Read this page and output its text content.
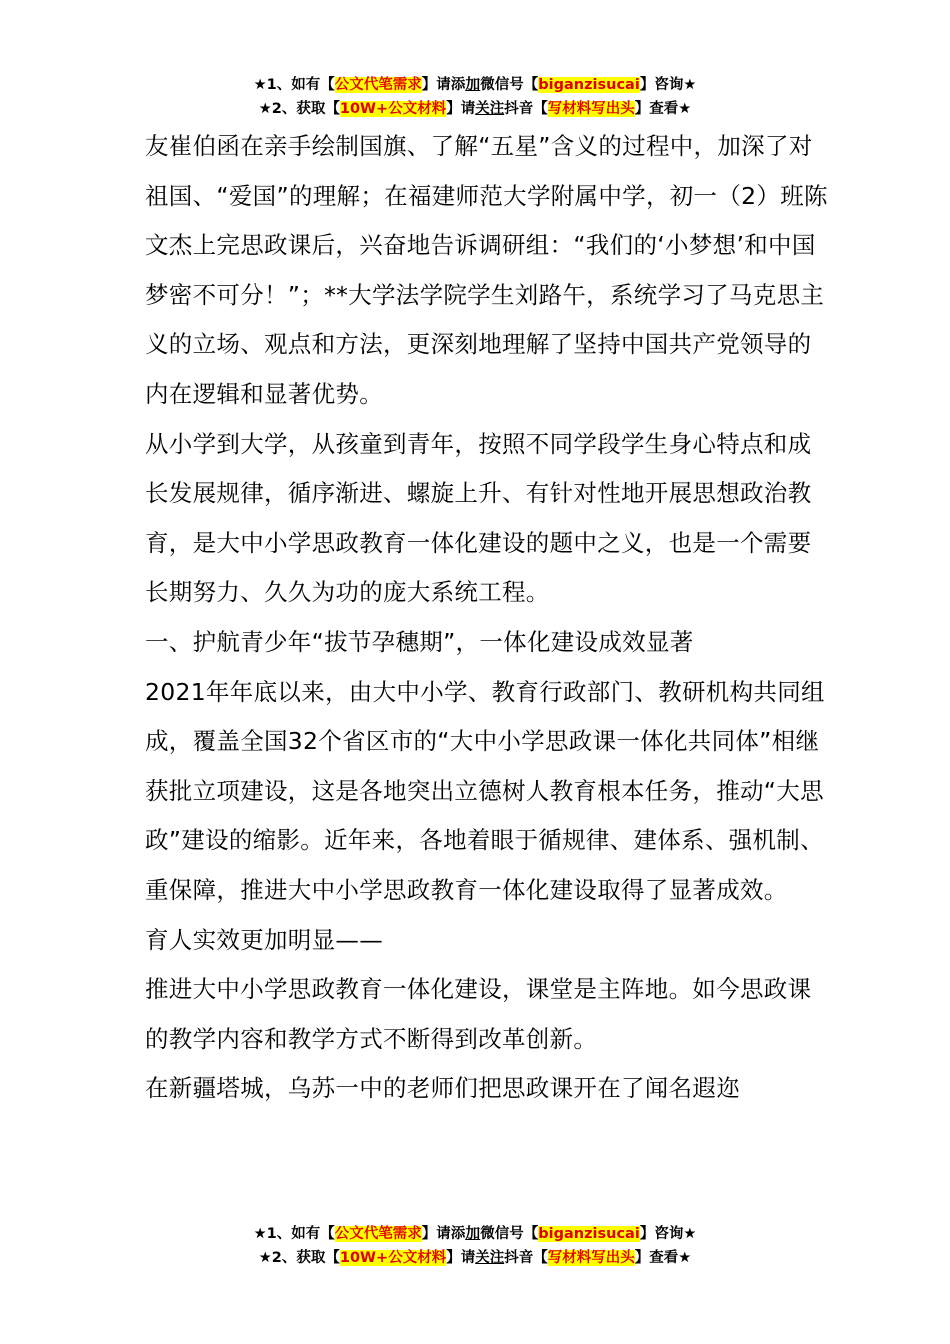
★1、如有【公文代笔需求】请添加微信号【biganzisucai】咨询★
★2、获取【10W+公文材料】请关注抖音【写材料写出头】查看★

友崔伯函在亲手绘制国旗、了解“五星”含义的过程中，加深了对祖国、“爱国”的理解；在福建师范大学附属中学，初一（2）班陈文杰上完思政课后，兴奋地告诉调研组：“我们的‘小梦想’和中国梦密不可分！”；**大学法学院学生刘路午，系统学习了马克思主义的立场、观点和方法，更深刻地理解了坚持中国共产党领导的内在逻辑和显著优势。

从小学到大学，从孩童到青年，按照不同学段学生身心特点和成长发展规律，循序渐进、螺旋上升、有针对性地开展思想政治教育，是大中小学思政教育一体化建设的题中之义，也是一个需要长期努力、久久为功的庞大系统工程。

一、护航青少年“拔节孕穗期”，一体化建设成效显著

2021年年底以来，由大中小学、教育行政部门、教研机构共同组成，覆盖全国32个省区市的“大中小学思政课一体化共同体”相继获批立项建设，这是各地突出立德树人教育根本任务，推动“大思政”建设的缩影。近年来，各地着眼于循规律、建体系、强机制、重保障，推进大中小学思政教育一体化建设取得了显著成效。

育人实效更加明显——

推进大中小学思政教育一体化建设，课堂是主阵地。如今思政课的教学内容和教学方式不断得到改革创新。

在新疆塔城，乌苏一中的老师们把思政课开在了闻名遐迩

★1、如有【公文代笔需求】请添加微信号【biganzisucai】咨询★
★2、获取【10W+公文材料】请关注抖音【写材料写出头】查看★
